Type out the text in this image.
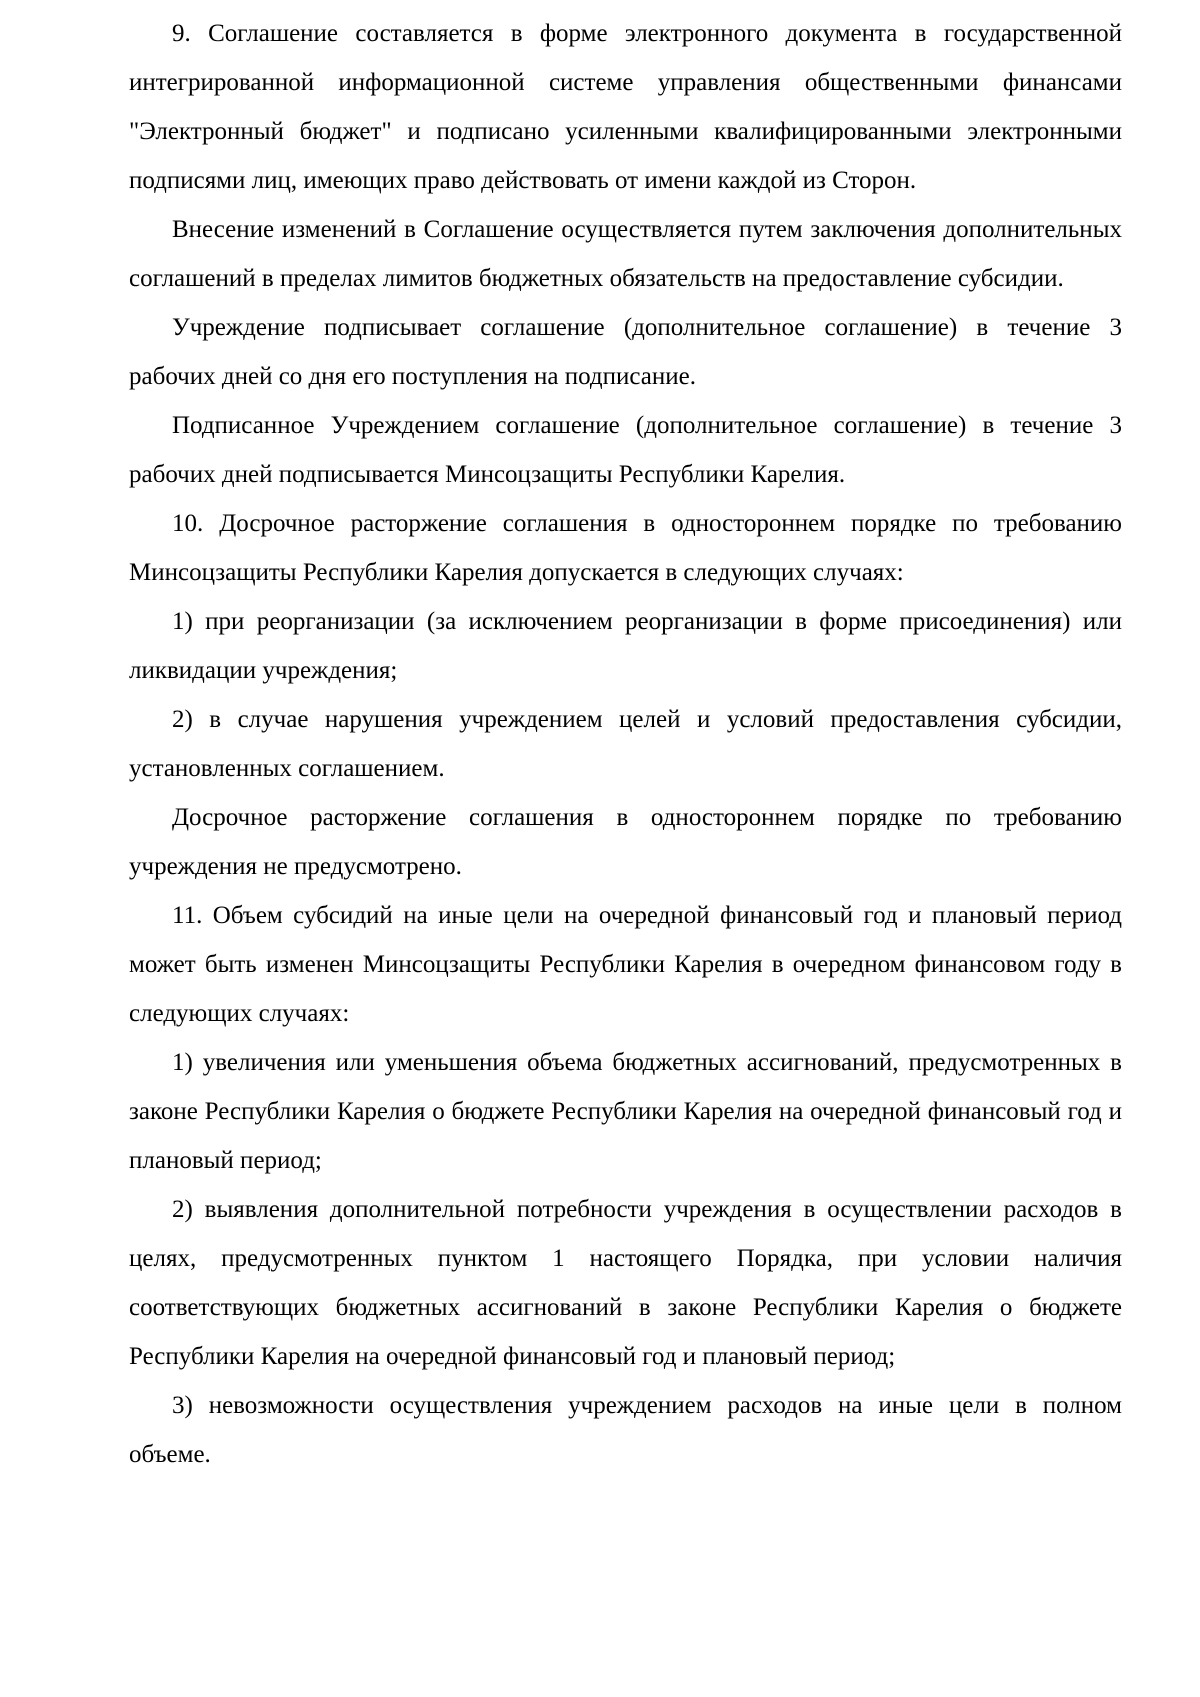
9. Соглашение составляется в форме электронного документа в государственной интегрированной информационной системе управления общественными финансами "Электронный бюджет" и подписано усиленными квалифицированными электронными подписями лиц, имеющих право действовать от имени каждой из Сторон.

Внесение изменений в Соглашение осуществляется путем заключения дополнительных соглашений в пределах лимитов бюджетных обязательств на предоставление субсидии.

Учреждение подписывает соглашение (дополнительное соглашение) в течение 3 рабочих дней со дня его поступления на подписание.

Подписанное Учреждением соглашение (дополнительное соглашение) в течение 3 рабочих дней подписывается Минсоцзащиты Республики Карелия.

10. Досрочное расторжение соглашения в одностороннем порядке по требованию Минсоцзащиты Республики Карелия допускается в следующих случаях:

1) при реорганизации (за исключением реорганизации в форме присоединения) или ликвидации учреждения;

2) в случае нарушения учреждением целей и условий предоставления субсидии, установленных соглашением.

Досрочное расторжение соглашения в одностороннем порядке по требованию учреждения не предусмотрено.

11. Объем субсидий на иные цели на очередной финансовый год и плановый период может быть изменен Минсоцзащиты Республики Карелия в очередном финансовом году в следующих случаях:

1) увеличения или уменьшения объема бюджетных ассигнований, предусмотренных в законе Республики Карелия о бюджете Республики Карелия на очередной финансовый год и плановый период;

2) выявления дополнительной потребности учреждения в осуществлении расходов в целях, предусмотренных пунктом 1 настоящего Порядка, при условии наличия соответствующих бюджетных ассигнований в законе Республики Карелия о бюджете Республики Карелия на очередной финансовый год и плановый период;

3) невозможности осуществления учреждением расходов на иные цели в полном объеме.
